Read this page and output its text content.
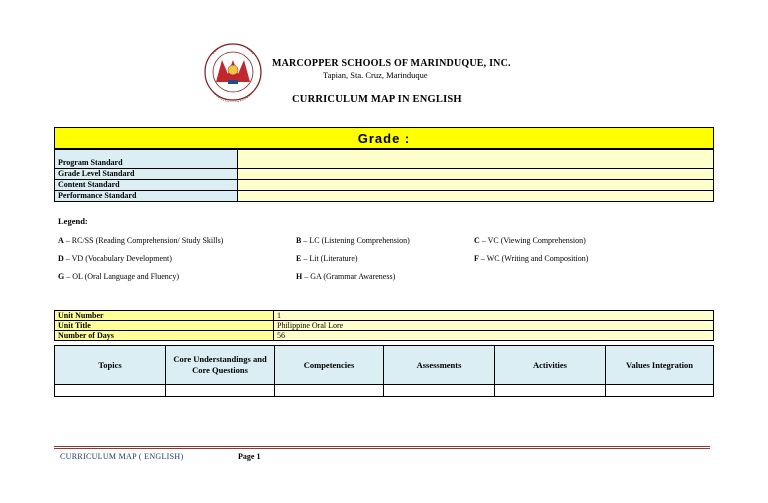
MARCOPPER SCHOOLS OF MARINDUQUE, INC.
Tapian, Sta. Cruz, Marinduque
CURRICULUM MAP IN ENGLISH
Grade :
Program Standard	
Grade Level Standard	
Content Standard	
Performance Standard	
Legend:
A – RC/SS (Reading Comprehension/ Study Skills)	B – LC (Listening Comprehension)	C – VC (Viewing Comprehension)
D – VD (Vocabulary Development)	E – Lit (Literature)	F – WC (Writing and Composition)
G – OL (Oral Language and Fluency)	H – GA (Grammar Awareness)
Unit Number	1
Unit Title	Philippine Oral Lore
Number of Days	56
Topics	Core Understandings and Core Questions	Competencies	Assessments	Activities	Values Integration

CURRICULUM MAP ( ENGLISH)	Page 1
